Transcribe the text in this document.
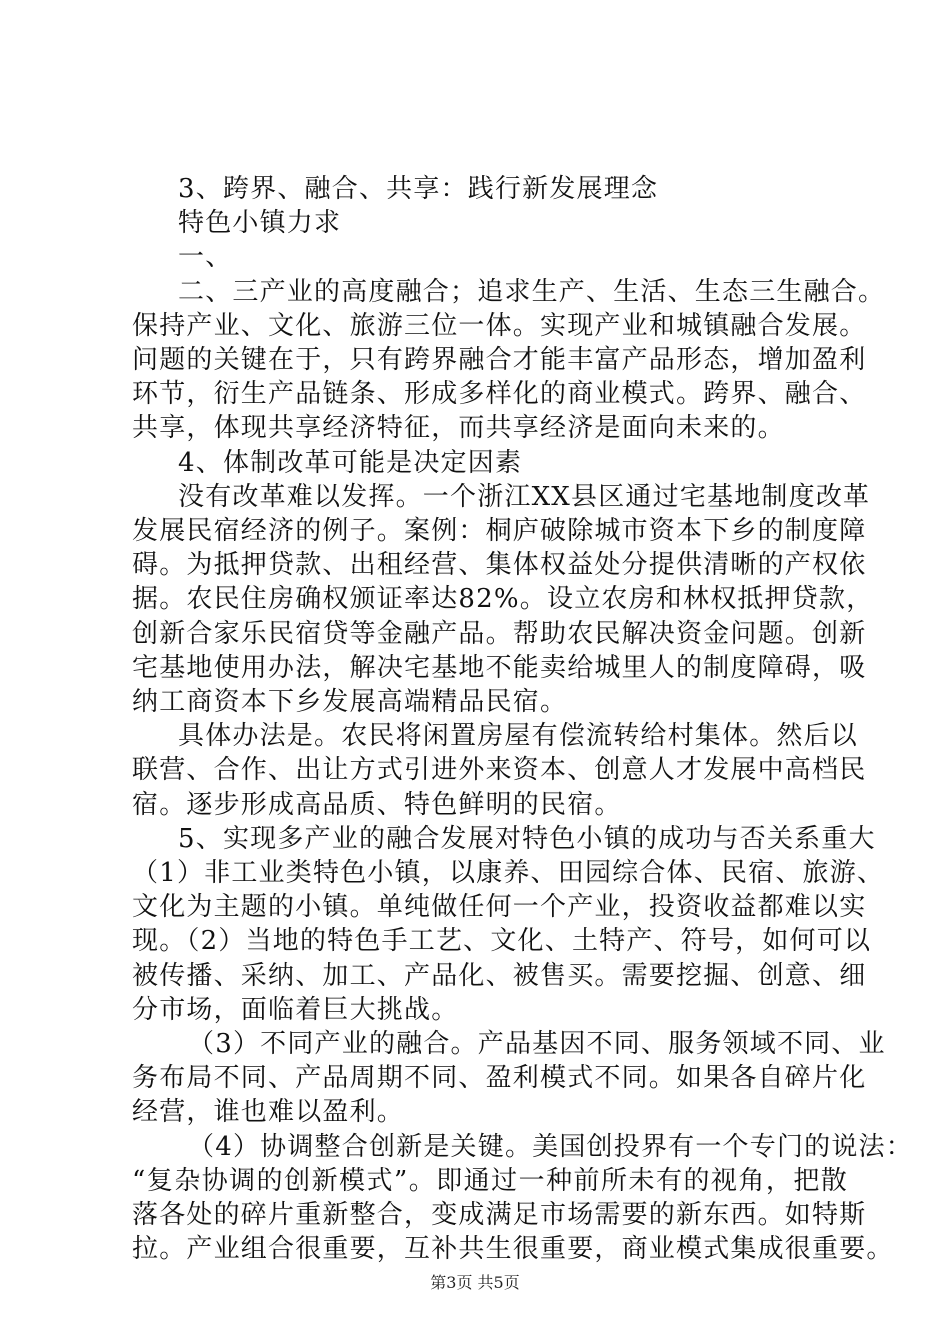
3、跨界、融合、共享：践行新发展理念
特色小镇力求
一、
二、三产业的高度融合；追求生产、生活、生态三生融合。
保持产业、文化、旅游三位一体。实现产业和城镇融合发展。
问题的关键在于，只有跨界融合才能丰富产品形态，增加盈利
环节，衍生产品链条、形成多样化的商业模式。跨界、融合、
共享，体现共享经济特征，而共享经济是面向未来的。
4、体制改革可能是决定因素
没有改革难以发挥。一个浙江XX县区通过宅基地制度改革
发展民宿经济的例子。案例：桐庐破除城市资本下乡的制度障
碍。为抵押贷款、出租经营、集体权益处分提供清晰的产权依
据。农民住房确权颁证率达82%。设立农房和林权抵押贷款，
创新合家乐民宿贷等金融产品。帮助农民解决资金问题。创新
宅基地使用办法，解决宅基地不能卖给城里人的制度障碍，吸
纳工商资本下乡发展高端精品民宿。
具体办法是。农民将闲置房屋有偿流转给村集体。然后以
联营、合作、出让方式引进外来资本、创意人才发展中高档民
宿。逐步形成高品质、特色鲜明的民宿。
5、实现多产业的融合发展对特色小镇的成功与否关系重大
（1）非工业类特色小镇，以康养、田园综合体、民宿、旅游、
文化为主题的小镇。单纯做任何一个产业，投资收益都难以实
现。（2）当地的特色手工艺、文化、土特产、符号，如何可以
被传播、采纳、加工、产品化、被售买。需要挖掘、创意、细
分市场，面临着巨大挑战。
（3）不同产业的融合。产品基因不同、服务领域不同、业
务布局不同、产品周期不同、盈利模式不同。如果各自碎片化
经营，谁也难以盈利。
（4）协调整合创新是关键。美国创投界有一个专门的说法：
“复杂协调的创新模式”。即通过一种前所未有的视角，把散
落各处的碎片重新整合，变成满足市场需要的新东西。如特斯
拉。产业组合很重要，互补共生很重要，商业模式集成很重要。
第3页 共5页
